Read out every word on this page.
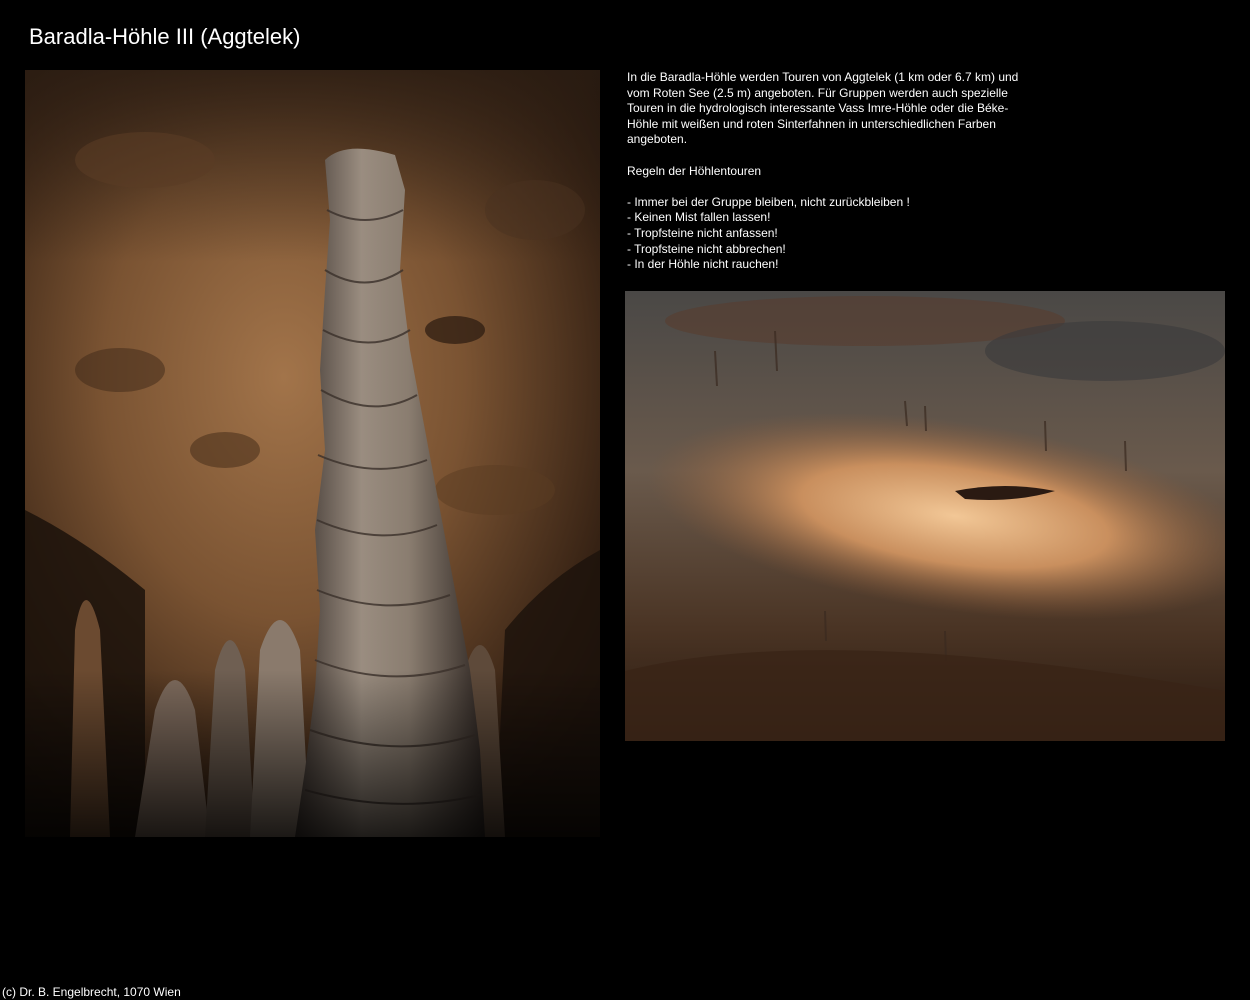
Baradla-Höhle III (Aggtelek)

In die Baradla-Höhle werden Touren von Aggtelek (1 km oder 6.7 km) und vom Roten See (2.5 m) angeboten. Für Gruppen werden auch spezielle Touren in die hydrologisch interessante Vass Imre-Höhle oder die Béke-Höhle mit weißen und roten Sinterfahnen in unterschiedlichen Farben angeboten.

Regeln der Höhlentouren

- Immer bei der Gruppe bleiben, nicht zurückbleiben !
- Keinen Mist fallen lassen!
- Tropfsteine nicht anfassen!
- Tropfsteine nicht abbrechen!
- In der Höhle nicht rauchen!
(c) Dr. B. Engelbrecht, 1070 Wien
